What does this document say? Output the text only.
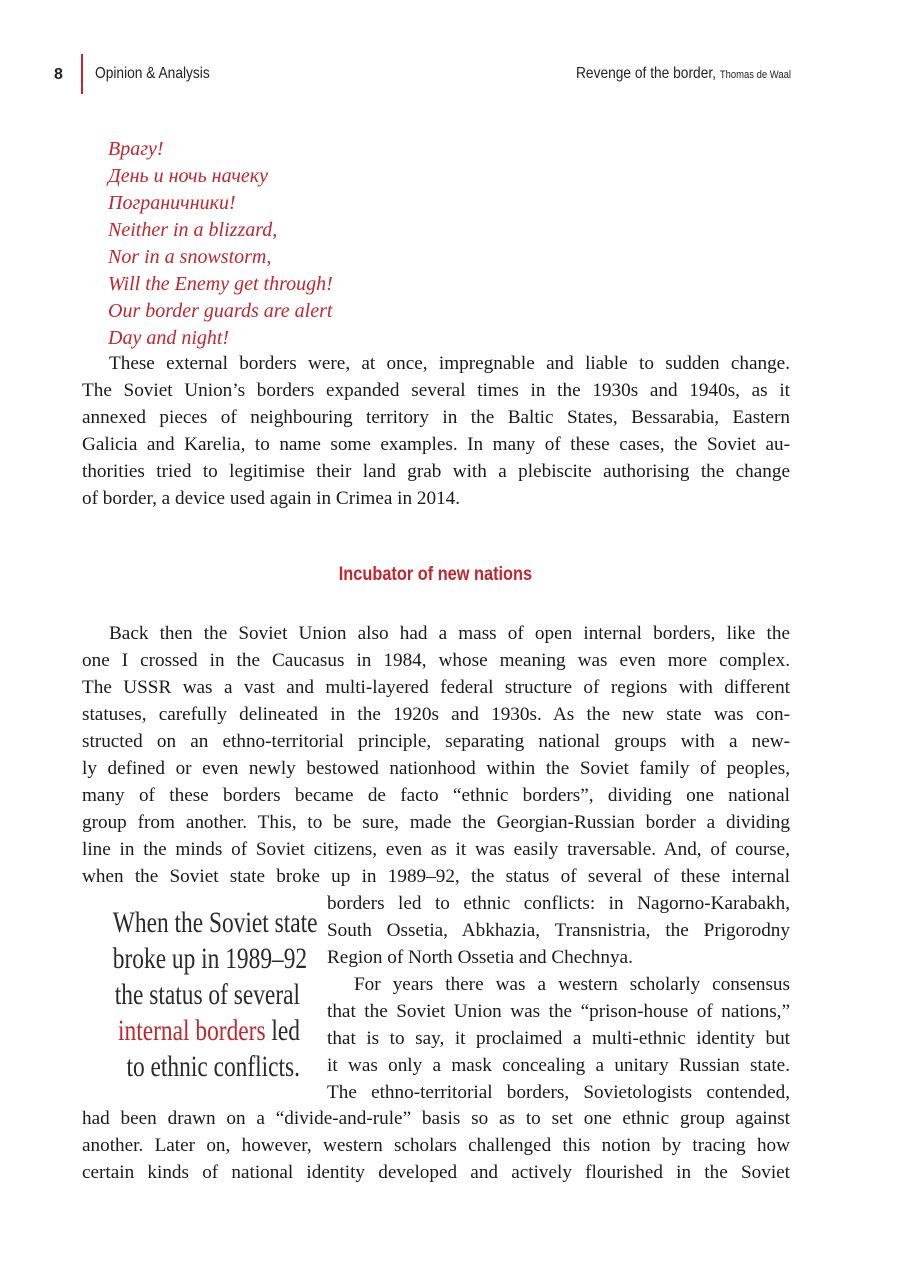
8 Opinion & Analysis	Revenge of the border, Thomas de Waal
Врагу!
День и ночь начеку
Пограничники!
Neither in a blizzard,
Nor in a snowstorm,
Will the Enemy get through!
Our border guards are alert
Day and night!
These external borders were, at once, impregnable and liable to sudden change.
The Soviet Union’s borders expanded several times in the 1930s and 1940s, as it
annexed pieces of neighbouring territory in the Baltic States, Bessarabia, Eastern
Galicia and Karelia, to name some examples. In many of these cases, the Soviet au-
thorities tried to legitimise their land grab with a plebiscite authorising the change
of border, a device used again in Crimea in 2014.
Incubator of new nations
Back then the Soviet Union also had a mass of open internal borders, like the
one I crossed in the Caucasus in 1984, whose meaning was even more complex.
The USSR was a vast and multi-layered federal structure of regions with different
statuses, carefully delineated in the 1920s and 1930s. As the new state was con-
structed on an ethno-territorial principle, separating national groups with a new-
ly defined or even newly bestowed nationhood within the Soviet family of peoples,
many of these borders became de facto “ethnic borders”, dividing one national
group from another. This, to be sure, made the Georgian-Russian border a dividing
line in the minds of Soviet citizens, even as it was easily traversable. And, of course,
when the Soviet state broke up in 1989–92, the status of several of these internal
borders led to ethnic conflicts: in Nagorno-Karabakh,
South Ossetia, Abkhazia, Transnistria, the Prigorodny
Region of North Ossetia and Chechnya.
For years there was a western scholarly consensus
that the Soviet Union was the “prison-house of nations,”
that is to say, it proclaimed a multi-ethnic identity but
it was only a mask concealing a unitary Russian state.
The ethno-territorial borders, Sovietologists contended,
had been drawn on a “divide-and-rule” basis so as to set one ethnic group against
another. Later on, however, western scholars challenged this notion by tracing how
certain kinds of national identity developed and actively flourished in the Soviet
When the Soviet state
broke up in 1989–92
the status of several
internal borders led
to ethnic conflicts.
